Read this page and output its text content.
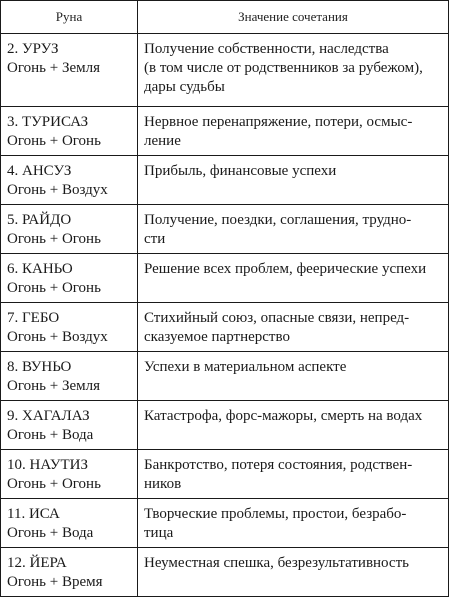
Руна	Значение сочетания

2. УРУЗ
Огонь + Земля	Получение собственности, наследства
(в том числе от родственников за рубежом),
дары судьбы

3. ТУРИСАЗ
Огонь + Огонь	Нервное перенапряжение, потери, осмыс-
ление

4. АНСУЗ
Огонь + Воздух	Прибыль, финансовые успехи

5. РАЙДО
Огонь + Огонь	Получение, поездки, соглашения, трудно-
сти

6. КАНЬО
Огонь + Огонь	Решение всех проблем, феерические успехи

7. ГЕБО
Огонь + Воздух	Стихийный союз, опасные связи, непред-
сказуемое партнерство

8. ВУНЬО
Огонь + Земля	Успехи в материальном аспекте

9. ХАГАЛАЗ
Огонь + Вода	Катастрофа, форс-мажоры, смерть на водах

10. НАУТИЗ
Огонь + Огонь	Банкротство, потеря состояния, родствен-
ников

11. ИСА
Огонь + Вода	Творческие проблемы, простои, безрабо-
тица

12. ЙЕРА
Огонь + Время	Неуместная спешка, безрезультативность
